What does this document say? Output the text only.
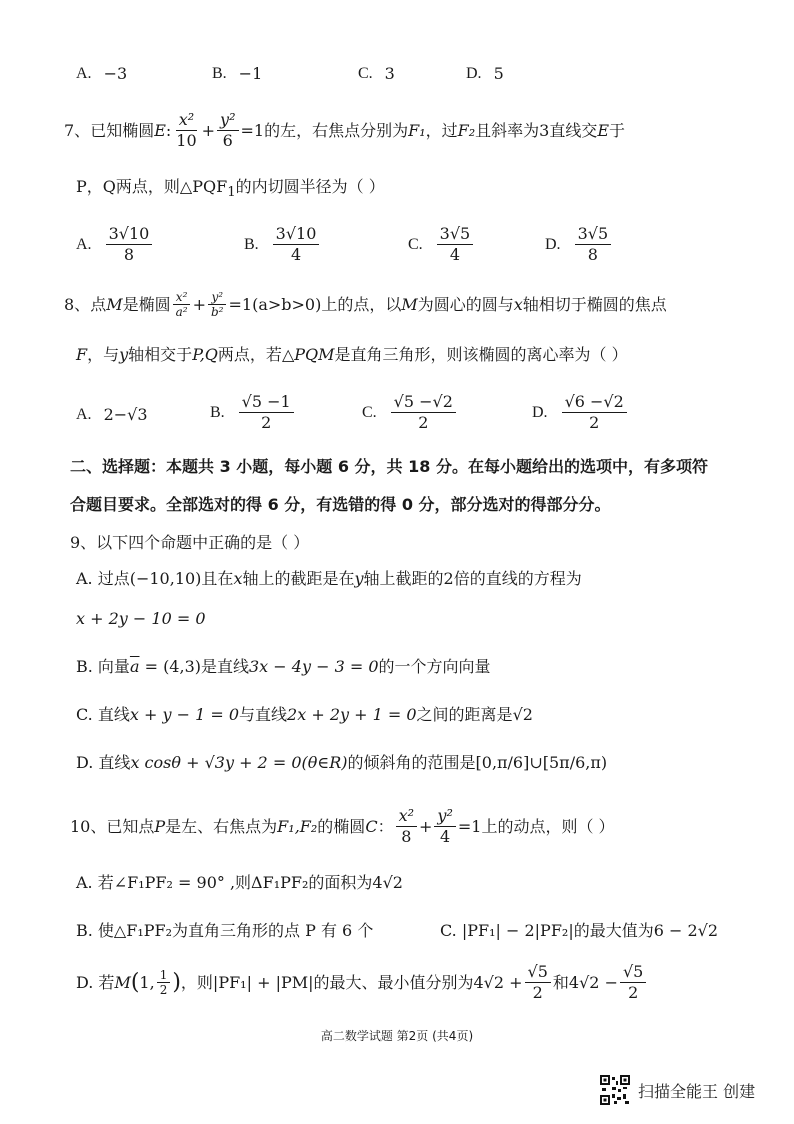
A. −3	B. −1	C. 3	D. 5
7、 已知椭圆 E : $\frac{\text{x²}}{10} + \frac{\text{y²}}{6} =1$ 的左，右焦点分别为 F₁ ，过 F₂ 且斜率为3直线交 E 于
P，Q两点，则$\triangle PQF_1$的内切圆半径为（ ）
A. $\frac{3√10}{8}$	B. $\frac{3√10}{4}$	C. $\frac{3√5}{4}$	D. $\frac{3√5}{8}$
8、 点 M 是椭圆 $\frac{\text{x²}}{\text{a²}} + \frac{\text{y²}}{\text{b²}} =1(a>b>0)$ 上的点，以 M 为圆心的圆与 x 轴相切于椭圆的焦点
F，与y轴相交于P,Q两点，若△PQM是直角三角形，则该椭圆的离心率为（ ）
A. 2−√3	B. $\frac{√5 -1}{2}$	C. $\frac{√5 -√2}{2}$	D. $\frac{√6 -√2}{2}$
二、选择题：本题共 3 小题，每小题 6 分，共 18 分。在每小题给出的选项中，有多项符
合题目要求。全部选对的得 6 分，有选错的得 0 分，部分选对的得部分分。
9、以下四个命题中正确的是（ ）
A. 过点(−10,10)且在x轴上的截距是在y轴上截距的2倍的直线的方程为
x + 2y − 10 = 0
B. 向量$\overline{a} = (4,3)$是直线3x − 4y − 3 = 0的一个方向向量
C. 直线x + y − 1 = 0与直线2x + 2y + 1 = 0之间的距离是√2
D. 直线x cosθ + √3y + 2 = 0(θ∈R)的倾斜角的范围是[0,π/6]∪[5π/6,π)
10、 已知点 P 是左、右焦点为 F₁,F₂ 的椭圆 C ： $\frac{\text{x²}}{8} + \frac{\text{y²}}{4} =1$上的动点，则（ ）
A. 若∠F₁PF₂ = 90° ,则ΔF₁PF₂的面积为4√2
B. 使△F₁PF₂为直角三角形的点 P 有 6 个	C. |PF₁| − 2|PF₂|的最大值为6 − 2√2
D. 若 M ( 1, $\frac{1}{2}$ ) ，则|PF₁| + |PM|的最大、最小值分别为$4√2 + \frac{√5}{2}$ 和$4√2 - \frac{√5}{2}$
高二数学试题 第2页 (共4页)
扫描全能王 创建
